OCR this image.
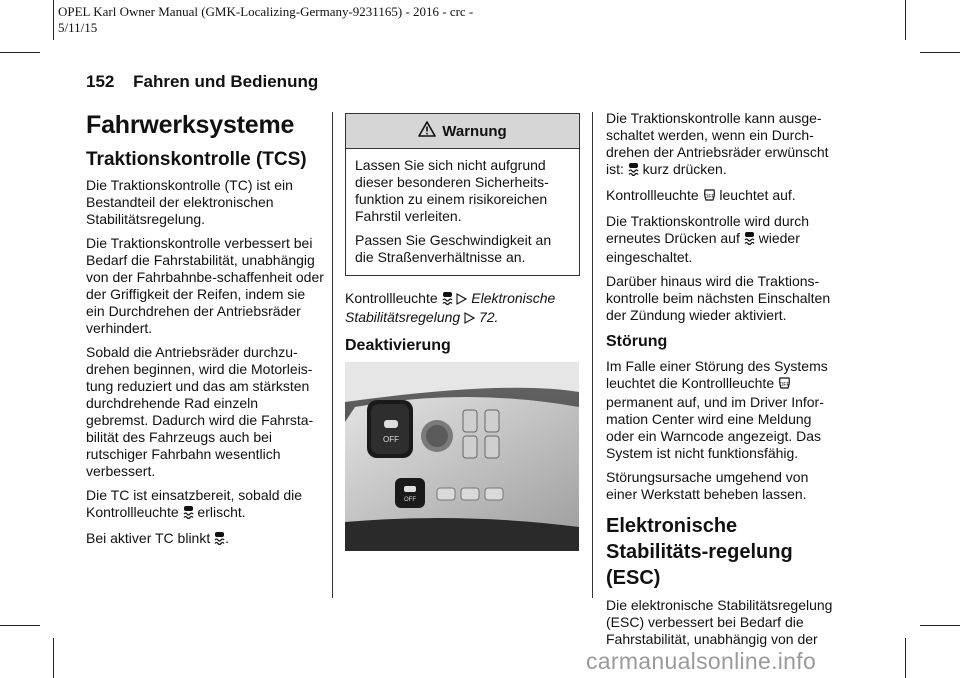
OPEL Karl Owner Manual (GMK-Localizing-Germany-9231165) - 2016 - crc -
5/11/15
152 Fahren und Bedienung
Fahrwerksysteme
Traktionskontrolle (TCS)

Die Traktionskontrolle (TC) ist ein Bestandteil der elektronischen Stabilitätsregelung.

Die Traktionskontrolle verbessert bei Bedarf die Fahrstabilität, unabhängig von der Fahrbahnbe-schaffenheit oder der Griffigkeit der Reifen, indem sie ein Durchdrehen der Antriebsräder verhindert.

Sobald die Antriebsräder durchzu-drehen beginnen, wird die Motorleis-tung reduziert und das am stärksten durchdrehende Rad einzeln gebremst. Dadurch wird die Fahrsta-bilität des Fahrzeugs auch bei rutschiger Fahrbahn wesentlich verbessert.

Die TC ist einsatzbereit, sobald die
Kontrollleuchte erlischt.

Bei aktiver TC blinkt .

Warnung

Lassen Sie sich nicht aufgrund dieser besonderen Sicherheits-funktion zu einem risikoreichen Fahrstil verleiten.

Passen Sie Geschwindigkeit an die Straßenverhältnisse an.

Kontrollleuchte Elektronische Stabilitätsregelung 72.

Deaktivierung
OFF
OFF

Die Traktionskontrolle kann ausge-schaltet werden, wenn ein Durch-drehen der Antriebsräder erwünscht
ist: kurz drücken.

Kontrollleuchte OFF leuchtet auf.

Die Traktionskontrolle wird durch
erneutes Drücken auf wieder
eingeschaltet.

Darüber hinaus wird die Traktions-kontrolle beim nächsten Einschalten der Zündung wieder aktiviert.

Störung

Im Falle einer Störung des Systems
leuchtet die Kontrollleuchte OFF

permanent auf, und im Driver Infor-mation Center wird eine Meldung oder ein Warncode angezeigt. Das System ist nicht funktionsfähig.

Störungsursache umgehend von einer Werkstatt beheben lassen.

Elektronische Stabilitäts-regelung (ESC)

Die elektronische Stabilitätsregelung (ESC) verbessert bei Bedarf die Fahrstabilität, unabhängig von der

carmanualsonline.info
